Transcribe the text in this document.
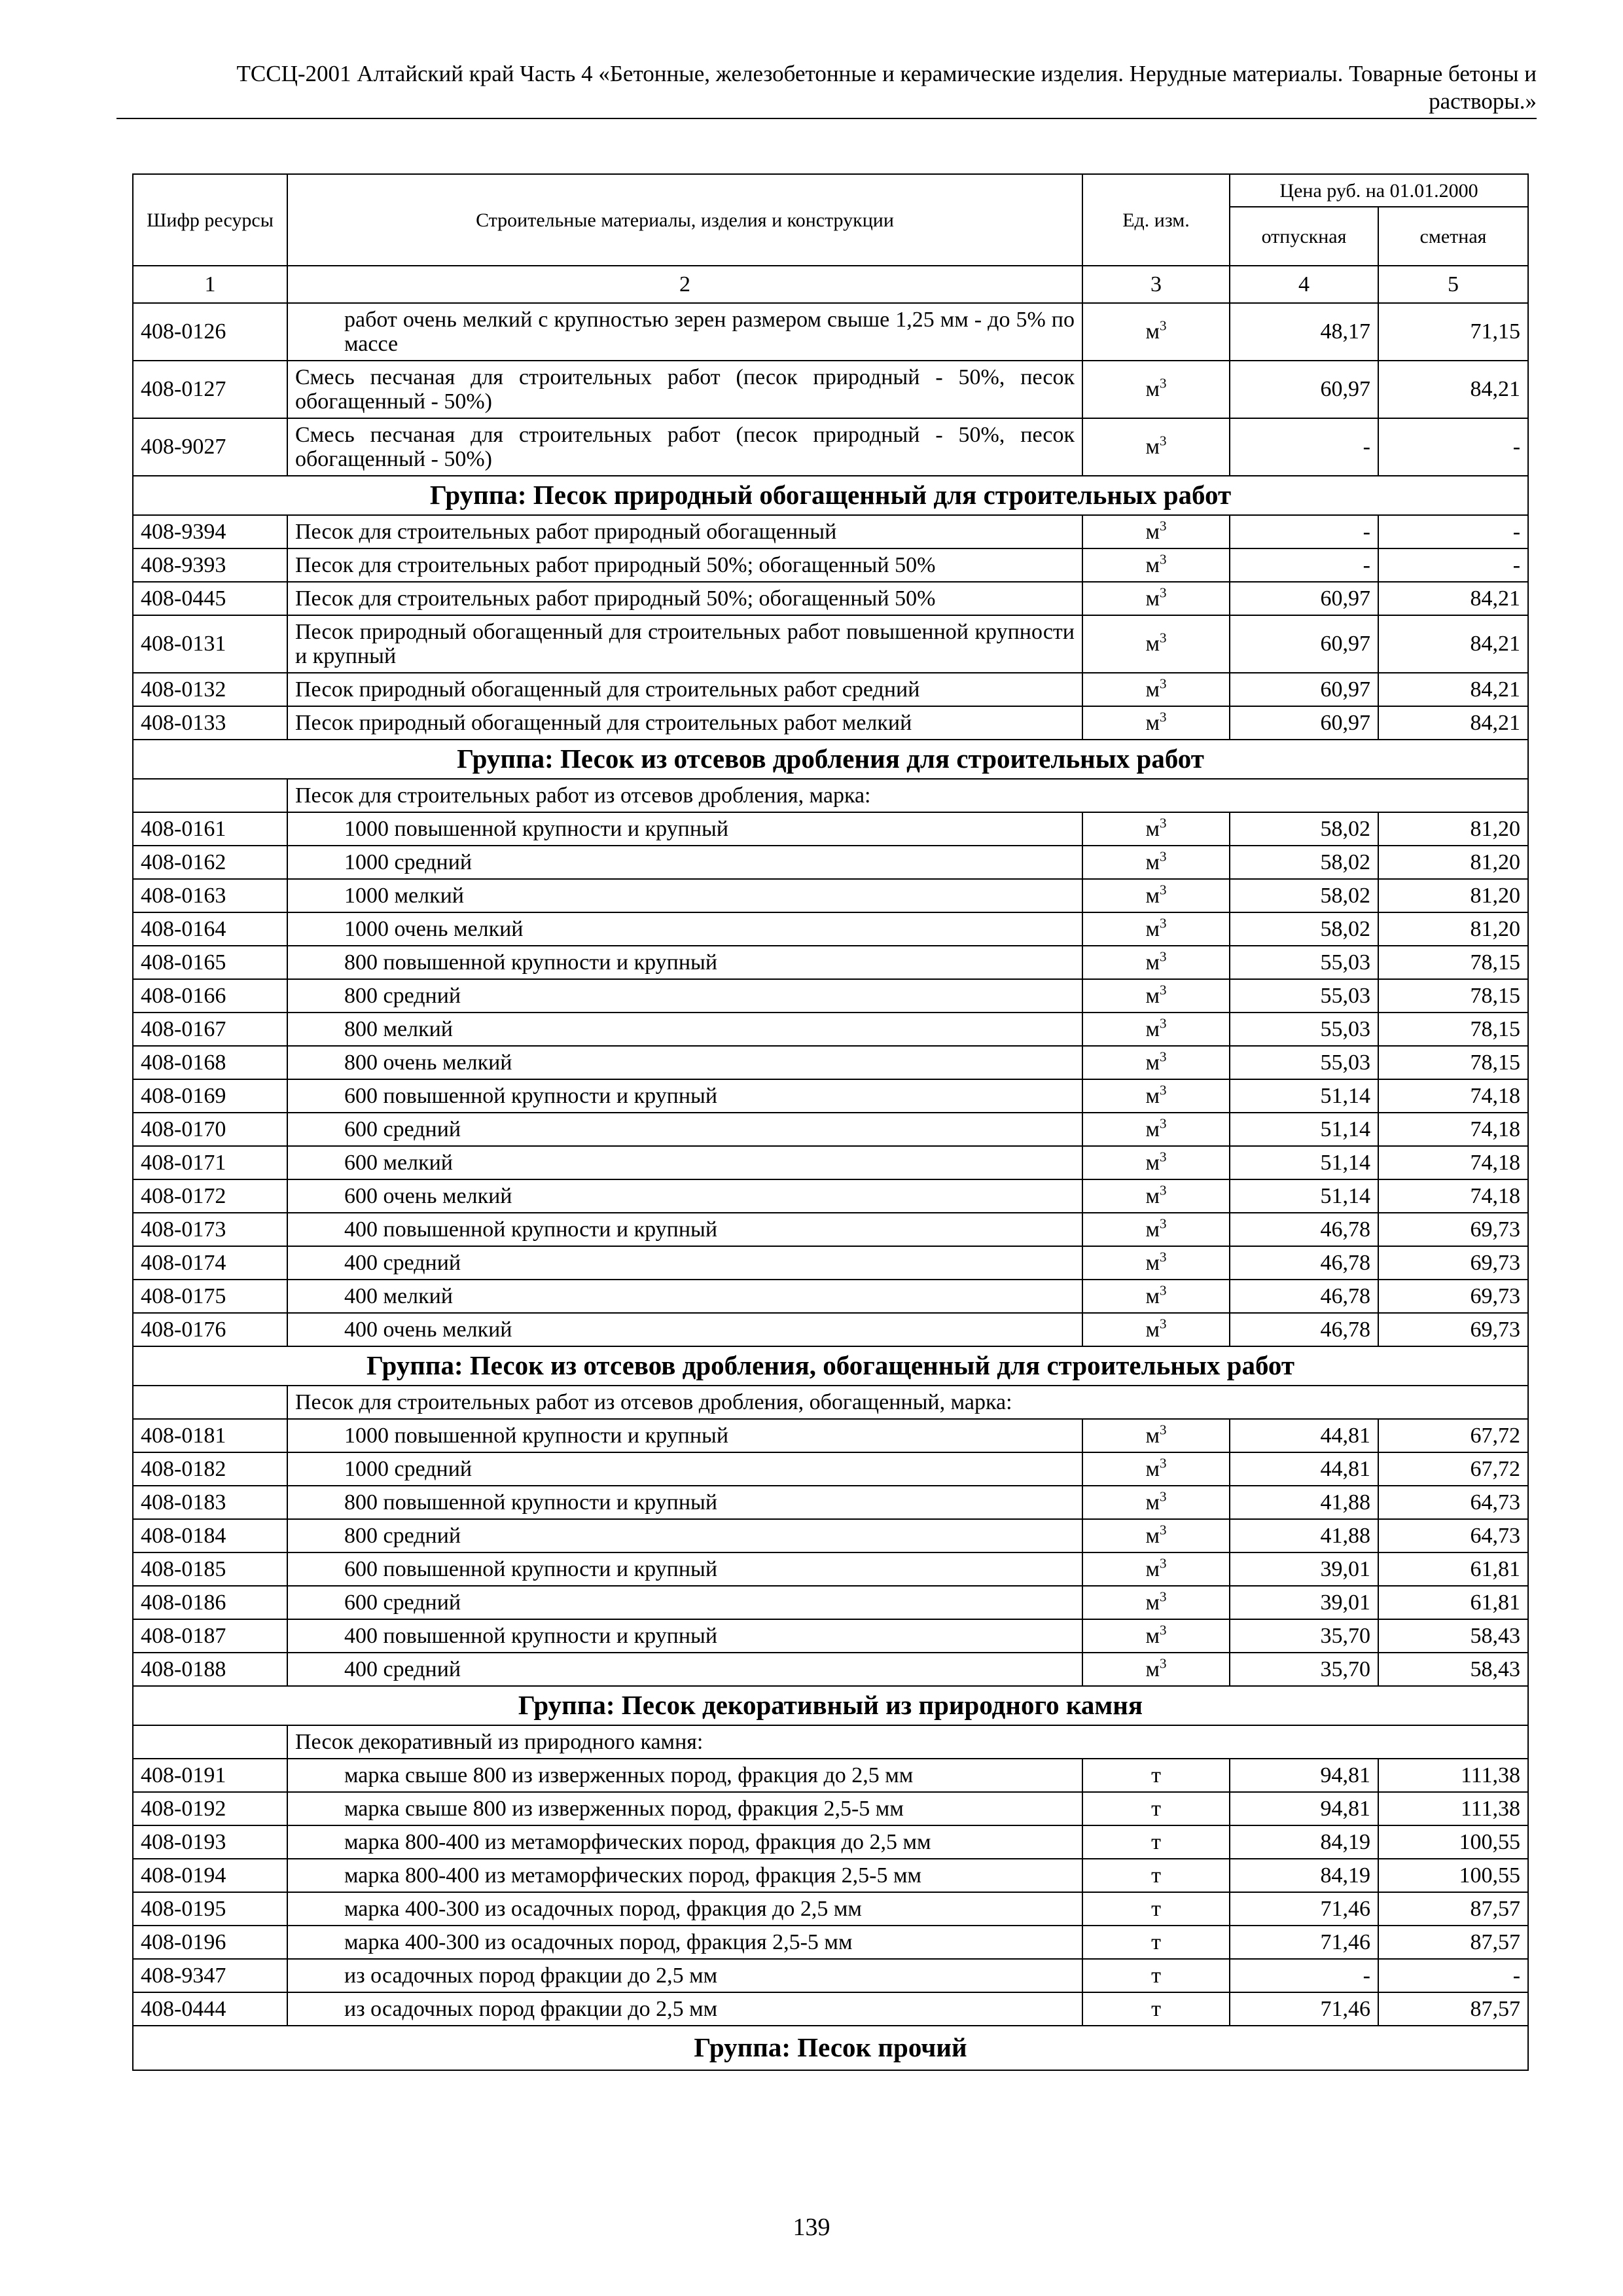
ТССЦ-2001 Алтайский край Часть 4 «Бетонные, железобетонные и керамические изделия. Нерудные материалы. Товарные бетоны и
растворы.»
Шифр ресурсы	Строительные материалы, изделия и конструкции	Ед. изм.	Цена руб. на 01.01.2000	
			отпускная	сметная
1	2	3	4	5
408-0126	работ очень мелкий с крупностью зерен размером свыше 1,25 мм - до 5% по массе	$м^3$	48,17	71,15
408-0127	Смесь песчаная для строительных работ (песок природный - 50%, песок обогащенный - 50%)	$м^3$	60,97	84,21
408-9027	Смесь песчаная для строительных работ (песок природный - 50%, песок обогащенный - 50%)	$м^3$	-	-
Группа: Песок природный обогащенный для строительных работ				
408-9394	Песок для строительных работ природный обогащенный	$м^3$	-	-
408-9393	Песок для строительных работ природный 50%; обогащенный 50%	$м^3$	-	-
408-0445	Песок для строительных работ природный 50%; обогащенный 50%	$м^3$	60,97	84,21
408-0131	Песок природный обогащенный для строительных работ повышенной крупности и крупный	$м^3$	60,97	84,21
408-0132	Песок природный обогащенный для строительных работ средний	$м^3$	60,97	84,21
408-0133	Песок природный обогащенный для строительных работ мелкий	$м^3$	60,97	84,21
Группа: Песок из отсевов дробления для строительных работ				
	Песок для строительных работ из отсевов дробления, марка:			
408-0161	1000 повышенной крупности и крупный	$м^3$	58,02	81,20
408-0162	1000 средний	$м^3$	58,02	81,20
408-0163	1000 мелкий	$м^3$	58,02	81,20
408-0164	1000 очень мелкий	$м^3$	58,02	81,20
408-0165	800 повышенной крупности и крупный	$м^3$	55,03	78,15
408-0166	800 средний	$м^3$	55,03	78,15
408-0167	800 мелкий	$м^3$	55,03	78,15
408-0168	800 очень мелкий	$м^3$	55,03	78,15
408-0169	600 повышенной крупности и крупный	$м^3$	51,14	74,18
408-0170	600 средний	$м^3$	51,14	74,18
408-0171	600 мелкий	$м^3$	51,14	74,18
408-0172	600 очень мелкий	$м^3$	51,14	74,18
408-0173	400 повышенной крупности и крупный	$м^3$	46,78	69,73
408-0174	400 средний	$м^3$	46,78	69,73
408-0175	400 мелкий	$м^3$	46,78	69,73
408-0176	400 очень мелкий	$м^3$	46,78	69,73
Группа: Песок из отсевов дробления, обогащенный для строительных работ				
	Песок для строительных работ из отсевов дробления, обогащенный, марка:			
408-0181	1000 повышенной крупности и крупный	$м^3$	44,81	67,72
408-0182	1000 средний	$м^3$	44,81	67,72
408-0183	800 повышенной крупности и крупный	$м^3$	41,88	64,73
408-0184	800 средний	$м^3$	41,88	64,73
408-0185	600 повышенной крупности и крупный	$м^3$	39,01	61,81
408-0186	600 средний	$м^3$	39,01	61,81
408-0187	400 повышенной крупности и крупный	$м^3$	35,70	58,43
408-0188	400 средний	$м^3$	35,70	58,43
Группа: Песок декоративный из природного камня				
	Песок декоративный из природного камня:			
408-0191	марка свыше 800 из изверженных пород, фракция до 2,5 мм	т	94,81	111,38
408-0192	марка свыше 800 из изверженных пород, фракция 2,5-5 мм	т	94,81	111,38
408-0193	марка 800-400 из метаморфических пород, фракция до 2,5 мм	т	84,19	100,55
408-0194	марка 800-400 из метаморфических пород, фракция 2,5-5 мм	т	84,19	100,55
408-0195	марка 400-300 из осадочных пород, фракция до 2,5 мм	т	71,46	87,57
408-0196	марка 400-300 из осадочных пород, фракция 2,5-5 мм	т	71,46	87,57
408-9347	из осадочных пород фракции до 2,5 мм	т	-	-
408-0444	из осадочных пород фракции до 2,5 мм	т	71,46	87,57
Группа: Песок прочий				
139
